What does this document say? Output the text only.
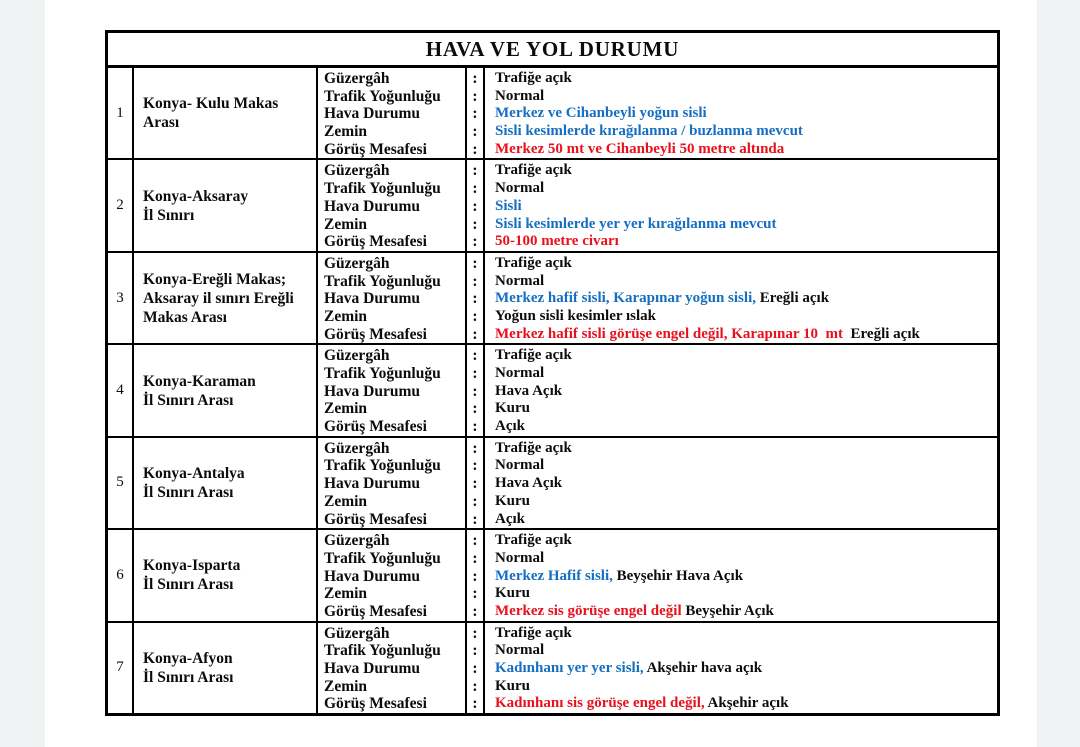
HAVA VE YOL DURUMU
1
Konya- Kulu Makas
Arası
Güzergâh
Trafik Yoğunluğu
Hava Durumu
Zemin
Görüş Mesafesi
:
:
:
:
:
Trafiğe açık
Normal
Merkez ve Cihanbeyli yoğun sisli
Sisli kesimlerde kırağılanma / buzlanma mevcut
Merkez 50 mt ve Cihanbeyli 50 metre altında
2
Konya-Aksaray
İl Sınırı
Güzergâh
Trafik Yoğunluğu
Hava Durumu
Zemin
Görüş Mesafesi
:
:
:
:
:
Trafiğe açık
Normal
Sisli
Sisli kesimlerde yer yer kırağılanma mevcut
50-100 metre civarı
3
Konya-Ereğli Makas;
Aksaray il sınırı Ereğli
Makas Arası
Güzergâh
Trafik Yoğunluğu
Hava Durumu
Zemin
Görüş Mesafesi
:
:
:
:
:
Trafiğe açık
Normal
Merkez hafif sisli, Karapınar yoğun sisli, Ereğli açık
Yoğun sisli kesimler ıslak
Merkez hafif sisli görüşe engel değil, Karapınar 10  mt  Ereğli açık
4
Konya-Karaman
İl Sınırı Arası
Güzergâh
Trafik Yoğunluğu
Hava Durumu
Zemin
Görüş Mesafesi
:
:
:
:
:
Trafiğe açık
Normal
Hava Açık
Kuru
Açık
5
Konya-Antalya
İl Sınırı Arası
Güzergâh
Trafik Yoğunluğu
Hava Durumu
Zemin
Görüş Mesafesi
:
:
:
:
:
Trafiğe açık
Normal
Hava Açık
Kuru
Açık
6
Konya-Isparta
İl Sınırı Arası
Güzergâh
Trafik Yoğunluğu
Hava Durumu
Zemin
Görüş Mesafesi
:
:
:
:
:
Trafiğe açık
Normal
Merkez Hafif sisli, Beyşehir Hava Açık
Kuru
Merkez sis görüşe engel değil Beyşehir Açık
7
Konya-Afyon
İl Sınırı Arası
Güzergâh
Trafik Yoğunluğu
Hava Durumu
Zemin
Görüş Mesafesi
:
:
:
:
:
Trafiğe açık
Normal
Kadınhanı yer yer sisli, Akşehir hava açık
Kuru
Kadınhanı sis görüşe engel değil, Akşehir açık
